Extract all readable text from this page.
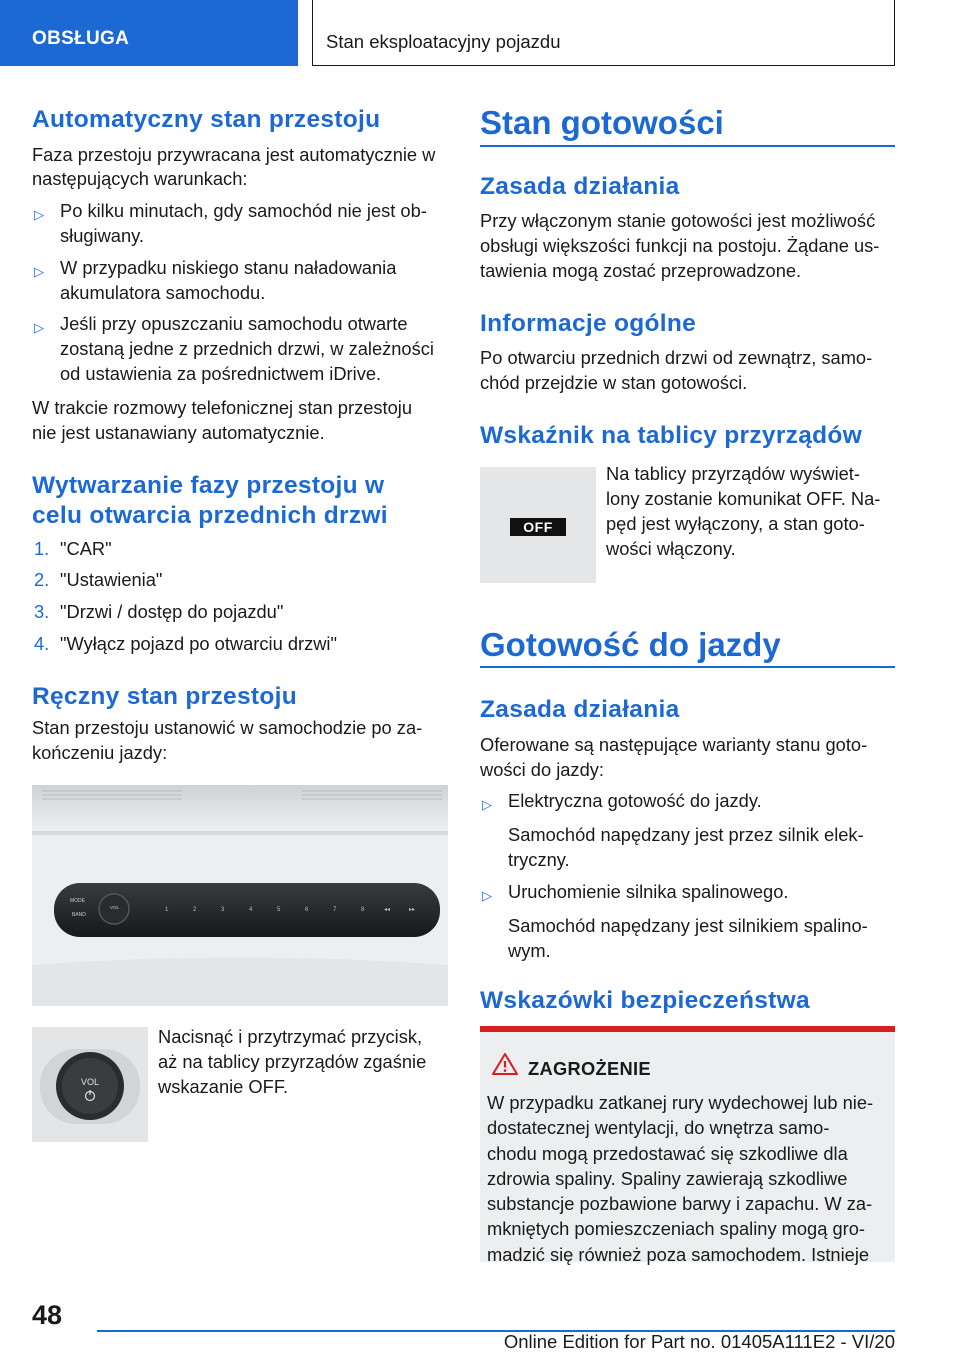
OBSŁUGA	Stan eksploatacyjny pojazdu
Automatyczny stan przestoju
Faza przestoju przywracana jest automatycznie w
następujących warunkach:
▷ Po kilku minutach, gdy samochód nie jest ob-
sługiwany.
▷ W przypadku niskiego stanu naładowania
akumulatora samochodu.
▷ Jeśli przy opuszczaniu samochodu otwarte
zostaną jedne z przednich drzwi, w zależności
od ustawienia za pośrednictwem iDrive.
W trakcie rozmowy telefonicznej stan przestoju
nie jest ustanawiany automatycznie.
Wytwarzanie fazy przestoju w
celu otwarcia przednich drzwi
1. "CAR"
2. "Ustawienia"
3. "Drzwi / dostęp do pojazdu"
4. "Wyłącz pojazd po otwarciu drzwi"
Ręczny stan przestoju
Stan przestoju ustanowić w samochodzie po za-
kończeniu jazdy:
Nacisnąć i przytrzymać przycisk,
aż na tablicy przyrządów zgaśnie
wskazanie OFF.
MODE
BAND
VOL	1	2	3	4	5	6	7	8	◂◂	▸▸
VOL
Stan gotowości
Zasada działania
Przy włączonym stanie gotowości jest możliwość
obsługi większości funkcji na postoju. Żądane us-
tawienia mogą zostać przeprowadzone.
Informacje ogólne
Po otwarciu przednich drzwi od zewnątrz, samo-
chód przejdzie w stan gotowości.
Wskaźnik na tablicy przyrządów
Na tablicy przyrządów wyświet-
lony zostanie komunikat OFF. Na-
pęd jest wyłączony, a stan goto-
wości włączony.
Gotowość do jazdy
Zasada działania
Oferowane są następujące warianty stanu goto-
wości do jazdy:
▷ Elektryczna gotowość do jazdy.
Samochód napędzany jest przez silnik elek-
tryczny.
▷ Uruchomienie silnika spalinowego.
Samochód napędzany jest silnikiem spalino-
wym.
Wskazówki bezpieczeństwa
OFF
ZAGROŻENIE
W przypadku zatkanej rury wydechowej lub nie-
dostatecznej wentylacji, do wnętrza samo-
chodu mogą przedostawać się szkodliwe dla
zdrowia spaliny. Spaliny zawierają szkodliwe
substancje pozbawione barwy i zapachu. W za-
mkniętych pomieszczeniach spaliny mogą gro-
madzić się również poza samochodem. Istnieje
48
Online Edition for Part no. 01405A111E2 - VI/20
